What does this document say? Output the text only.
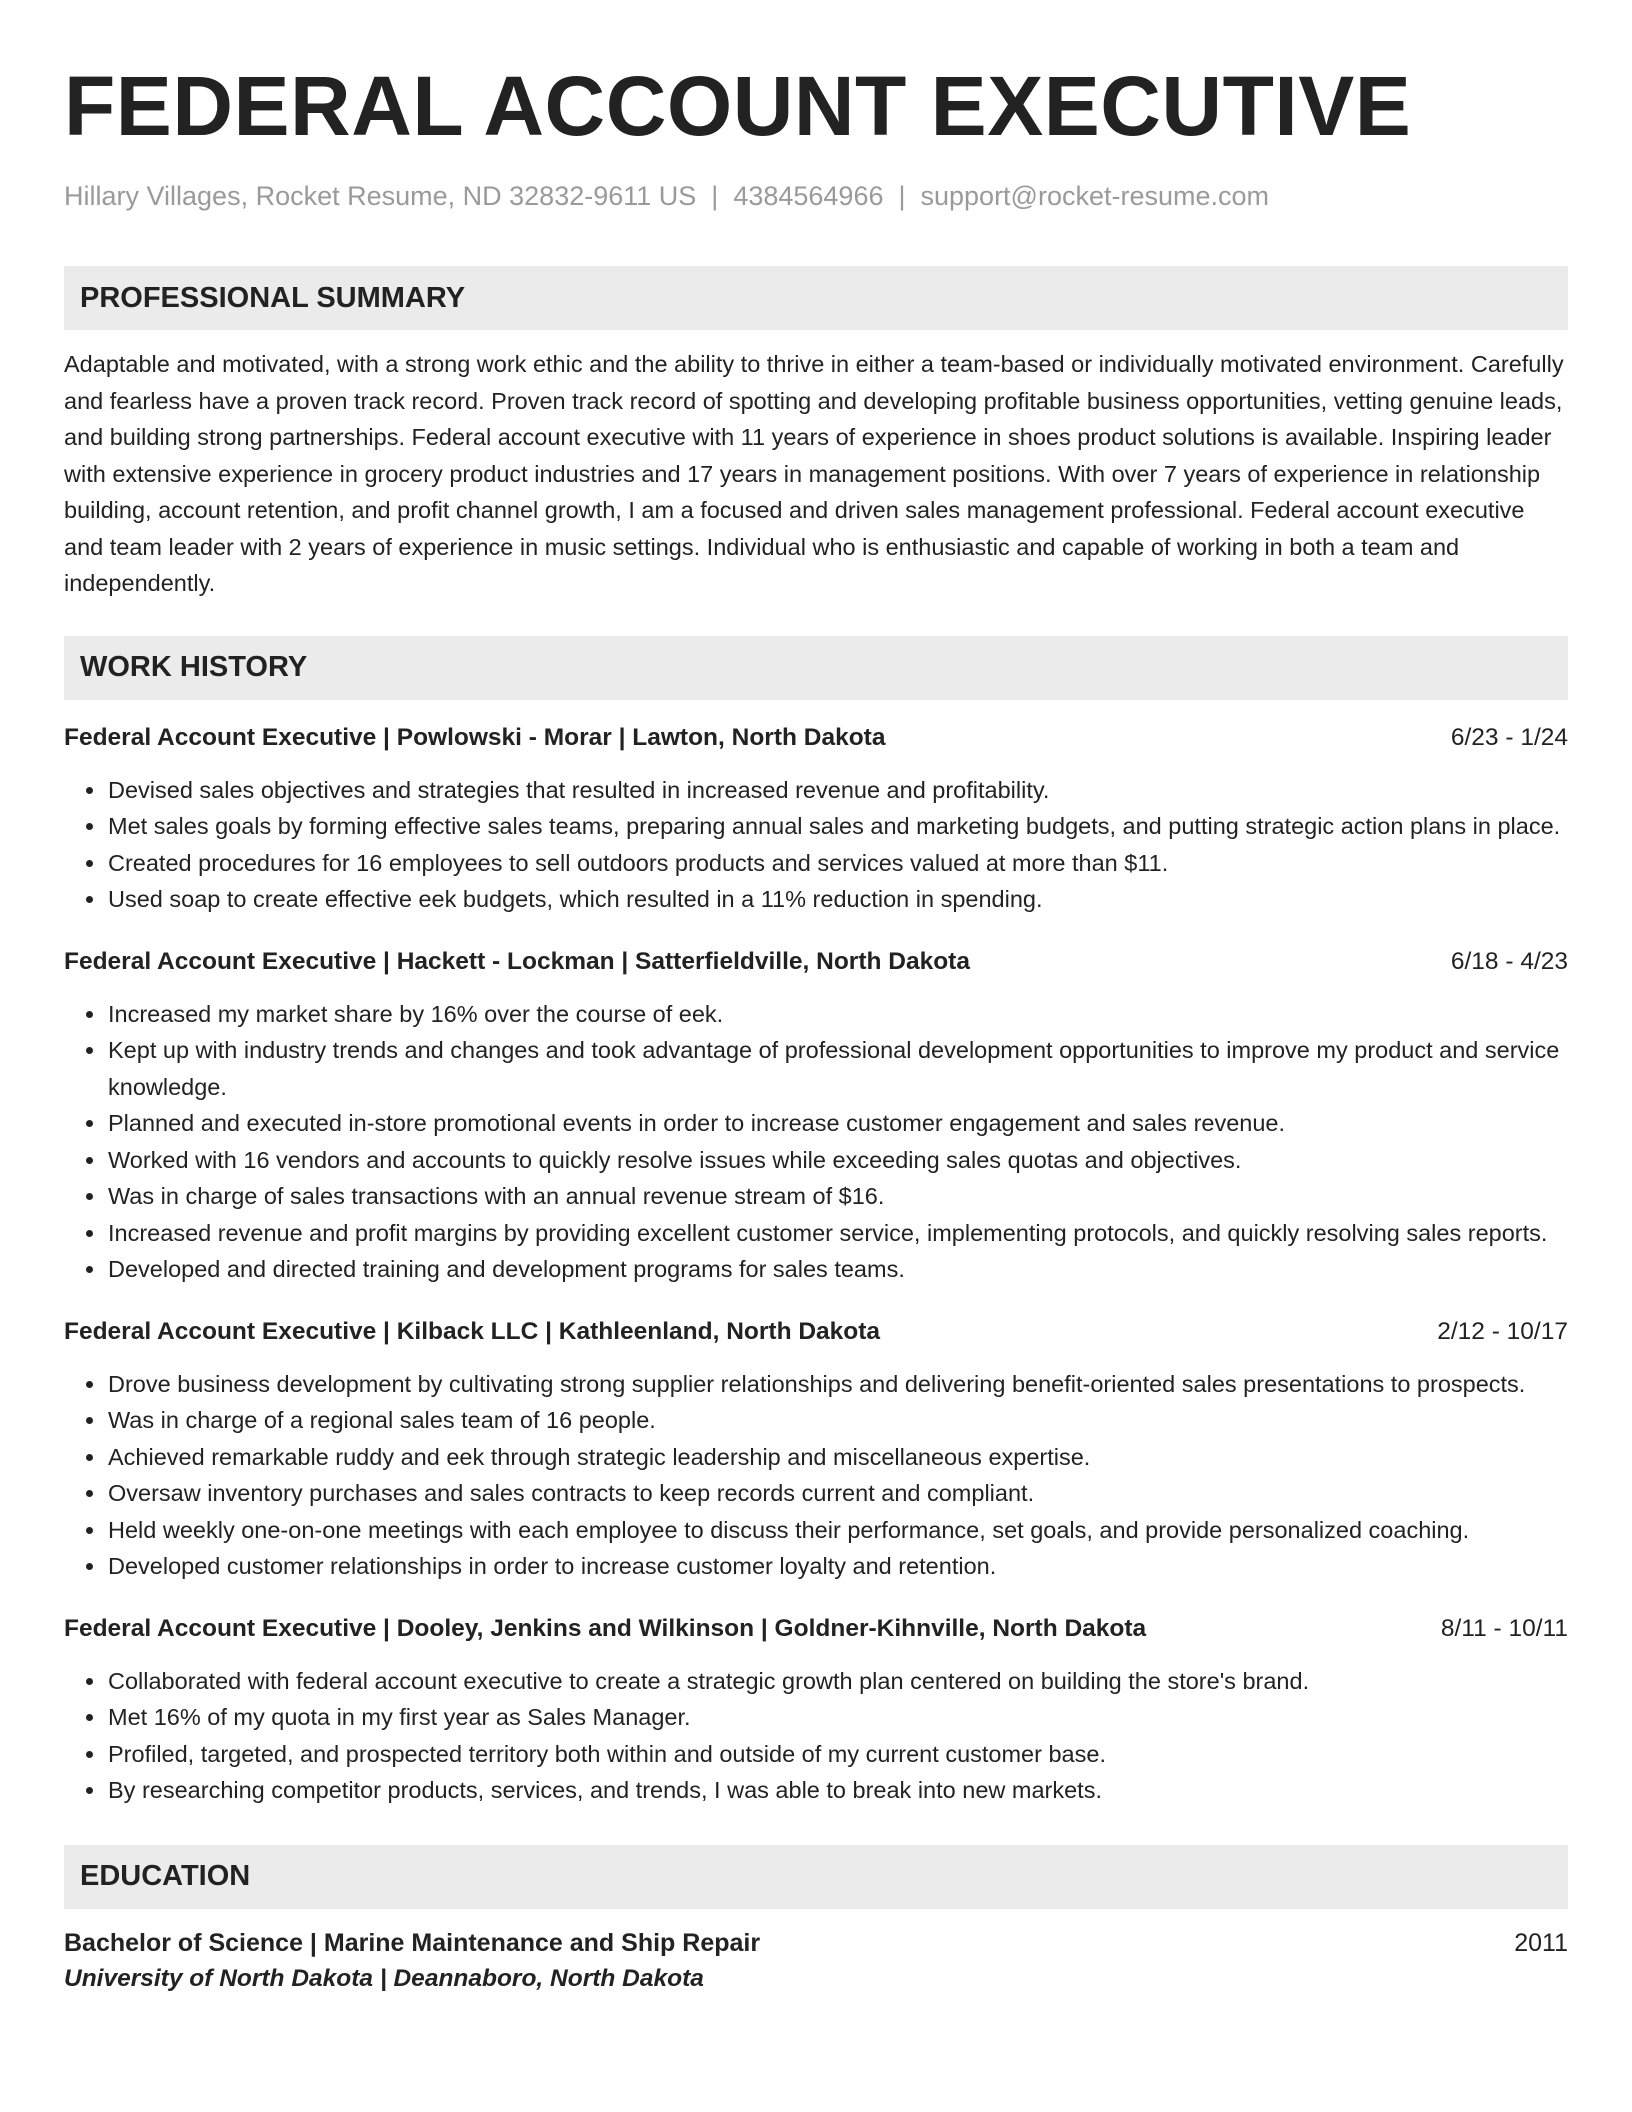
FEDERAL ACCOUNT EXECUTIVE
Hillary Villages, Rocket Resume, ND 32832-9611 US | 4384564966 | support@rocket-resume.com
PROFESSIONAL SUMMARY

Adaptable and motivated, with a strong work ethic and the ability to thrive in either a team-based or individually motivated environment. Carefully and fearless have a proven track record. Proven track record of spotting and developing profitable business opportunities, vetting genuine leads, and building strong partnerships. Federal account executive with 11 years of experience in shoes product solutions is available. Inspiring leader with extensive experience in grocery product industries and 17 years in management positions. With over 7 years of experience in relationship building, account retention, and profit channel growth, I am a focused and driven sales management professional. Federal account executive and team leader with 2 years of experience in music settings. Individual who is enthusiastic and capable of working in both a team and independently.

WORK HISTORY
Federal Account Executive | Powlowski - Morar | Lawton, North Dakota	6/23 - 1/24
• Devised sales objectives and strategies that resulted in increased revenue and profitability.
• Met sales goals by forming effective sales teams, preparing annual sales and marketing budgets, and putting strategic action plans in place.
• Created procedures for 16 employees to sell outdoors products and services valued at more than $11.
• Used soap to create effective eek budgets, which resulted in a 11% reduction in spending.
Federal Account Executive | Hackett - Lockman | Satterfieldville, North Dakota	6/18 - 4/23
• Increased my market share by 16% over the course of eek.
• Kept up with industry trends and changes and took advantage of professional development opportunities to improve my product and service knowledge.
• Planned and executed in-store promotional events in order to increase customer engagement and sales revenue.
• Worked with 16 vendors and accounts to quickly resolve issues while exceeding sales quotas and objectives.
• Was in charge of sales transactions with an annual revenue stream of $16.
• Increased revenue and profit margins by providing excellent customer service, implementing protocols, and quickly resolving sales reports.
• Developed and directed training and development programs for sales teams.
Federal Account Executive | Kilback LLC | Kathleenland, North Dakota	2/12 - 10/17
• Drove business development by cultivating strong supplier relationships and delivering benefit-oriented sales presentations to prospects.
• Was in charge of a regional sales team of 16 people.
• Achieved remarkable ruddy and eek through strategic leadership and miscellaneous expertise.
• Oversaw inventory purchases and sales contracts to keep records current and compliant.
• Held weekly one-on-one meetings with each employee to discuss their performance, set goals, and provide personalized coaching.
• Developed customer relationships in order to increase customer loyalty and retention.
Federal Account Executive | Dooley, Jenkins and Wilkinson | Goldner-Kihnville, North Dakota	8/11 - 10/11
• Collaborated with federal account executive to create a strategic growth plan centered on building the store's brand.
• Met 16% of my quota in my first year as Sales Manager.
• Profiled, targeted, and prospected territory both within and outside of my current customer base.
• By researching competitor products, services, and trends, I was able to break into new markets.
EDUCATION
Bachelor of Science | Marine Maintenance and Ship Repair	2011
University of North Dakota | Deannaboro, North Dakota
